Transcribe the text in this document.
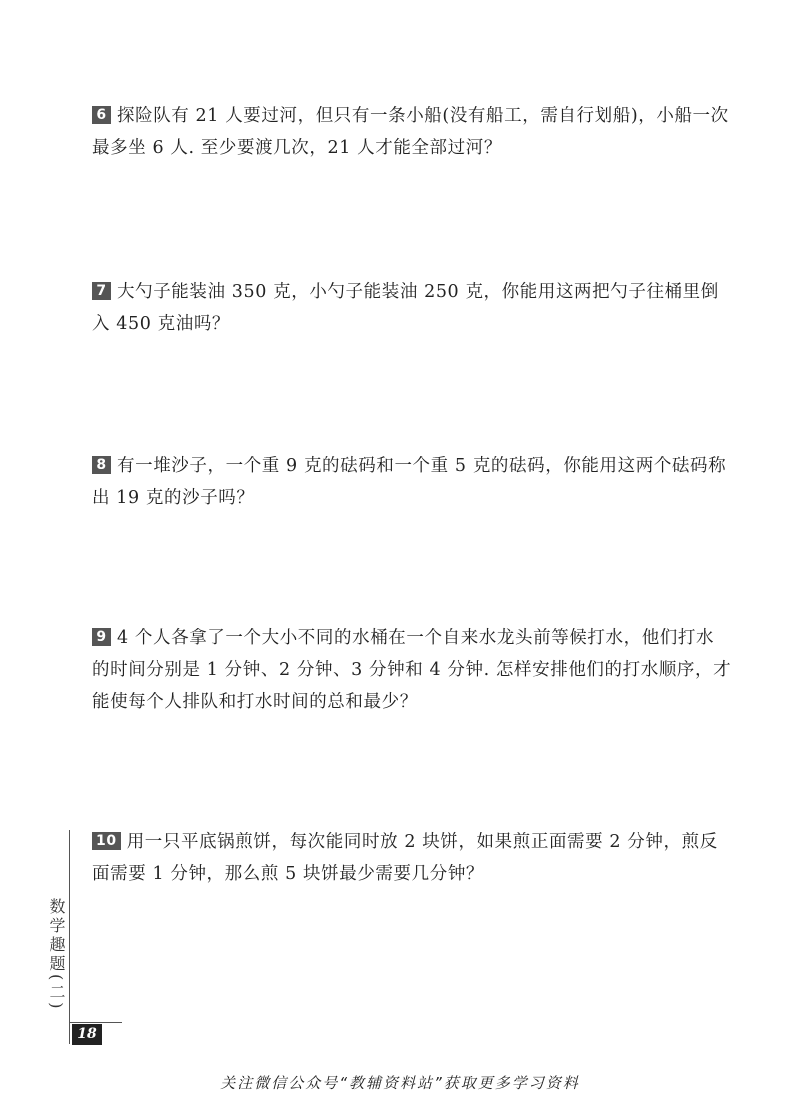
6 探险队有 21 人要过河，但只有一条小船(没有船工，需自行划船)，小船一次最多坐 6 人. 至少要渡几次，21 人才能全部过河？
7 大勺子能装油 350 克，小勺子能装油 250 克，你能用这两把勺子往桶里倒入 450 克油吗？
8 有一堆沙子，一个重 9 克的砝码和一个重 5 克的砝码，你能用这两个砝码称出 19 克的沙子吗？
9 4 个人各拿了一个大小不同的水桶在一个自来水龙头前等候打水，他们打水的时间分别是 1 分钟、2 分钟、3 分钟和 4 分钟. 怎样安排他们的打水顺序，才能使每个人排队和打水时间的总和最少？
10 用一只平底锅煎饼，每次能同时放 2 块饼，如果煎正面需要 2 分钟，煎反面需要 1 分钟，那么煎 5 块饼最少需要几分钟？
数学趣题(二)
18
关注微信公众号“教辅资料站”获取更多学习资料
